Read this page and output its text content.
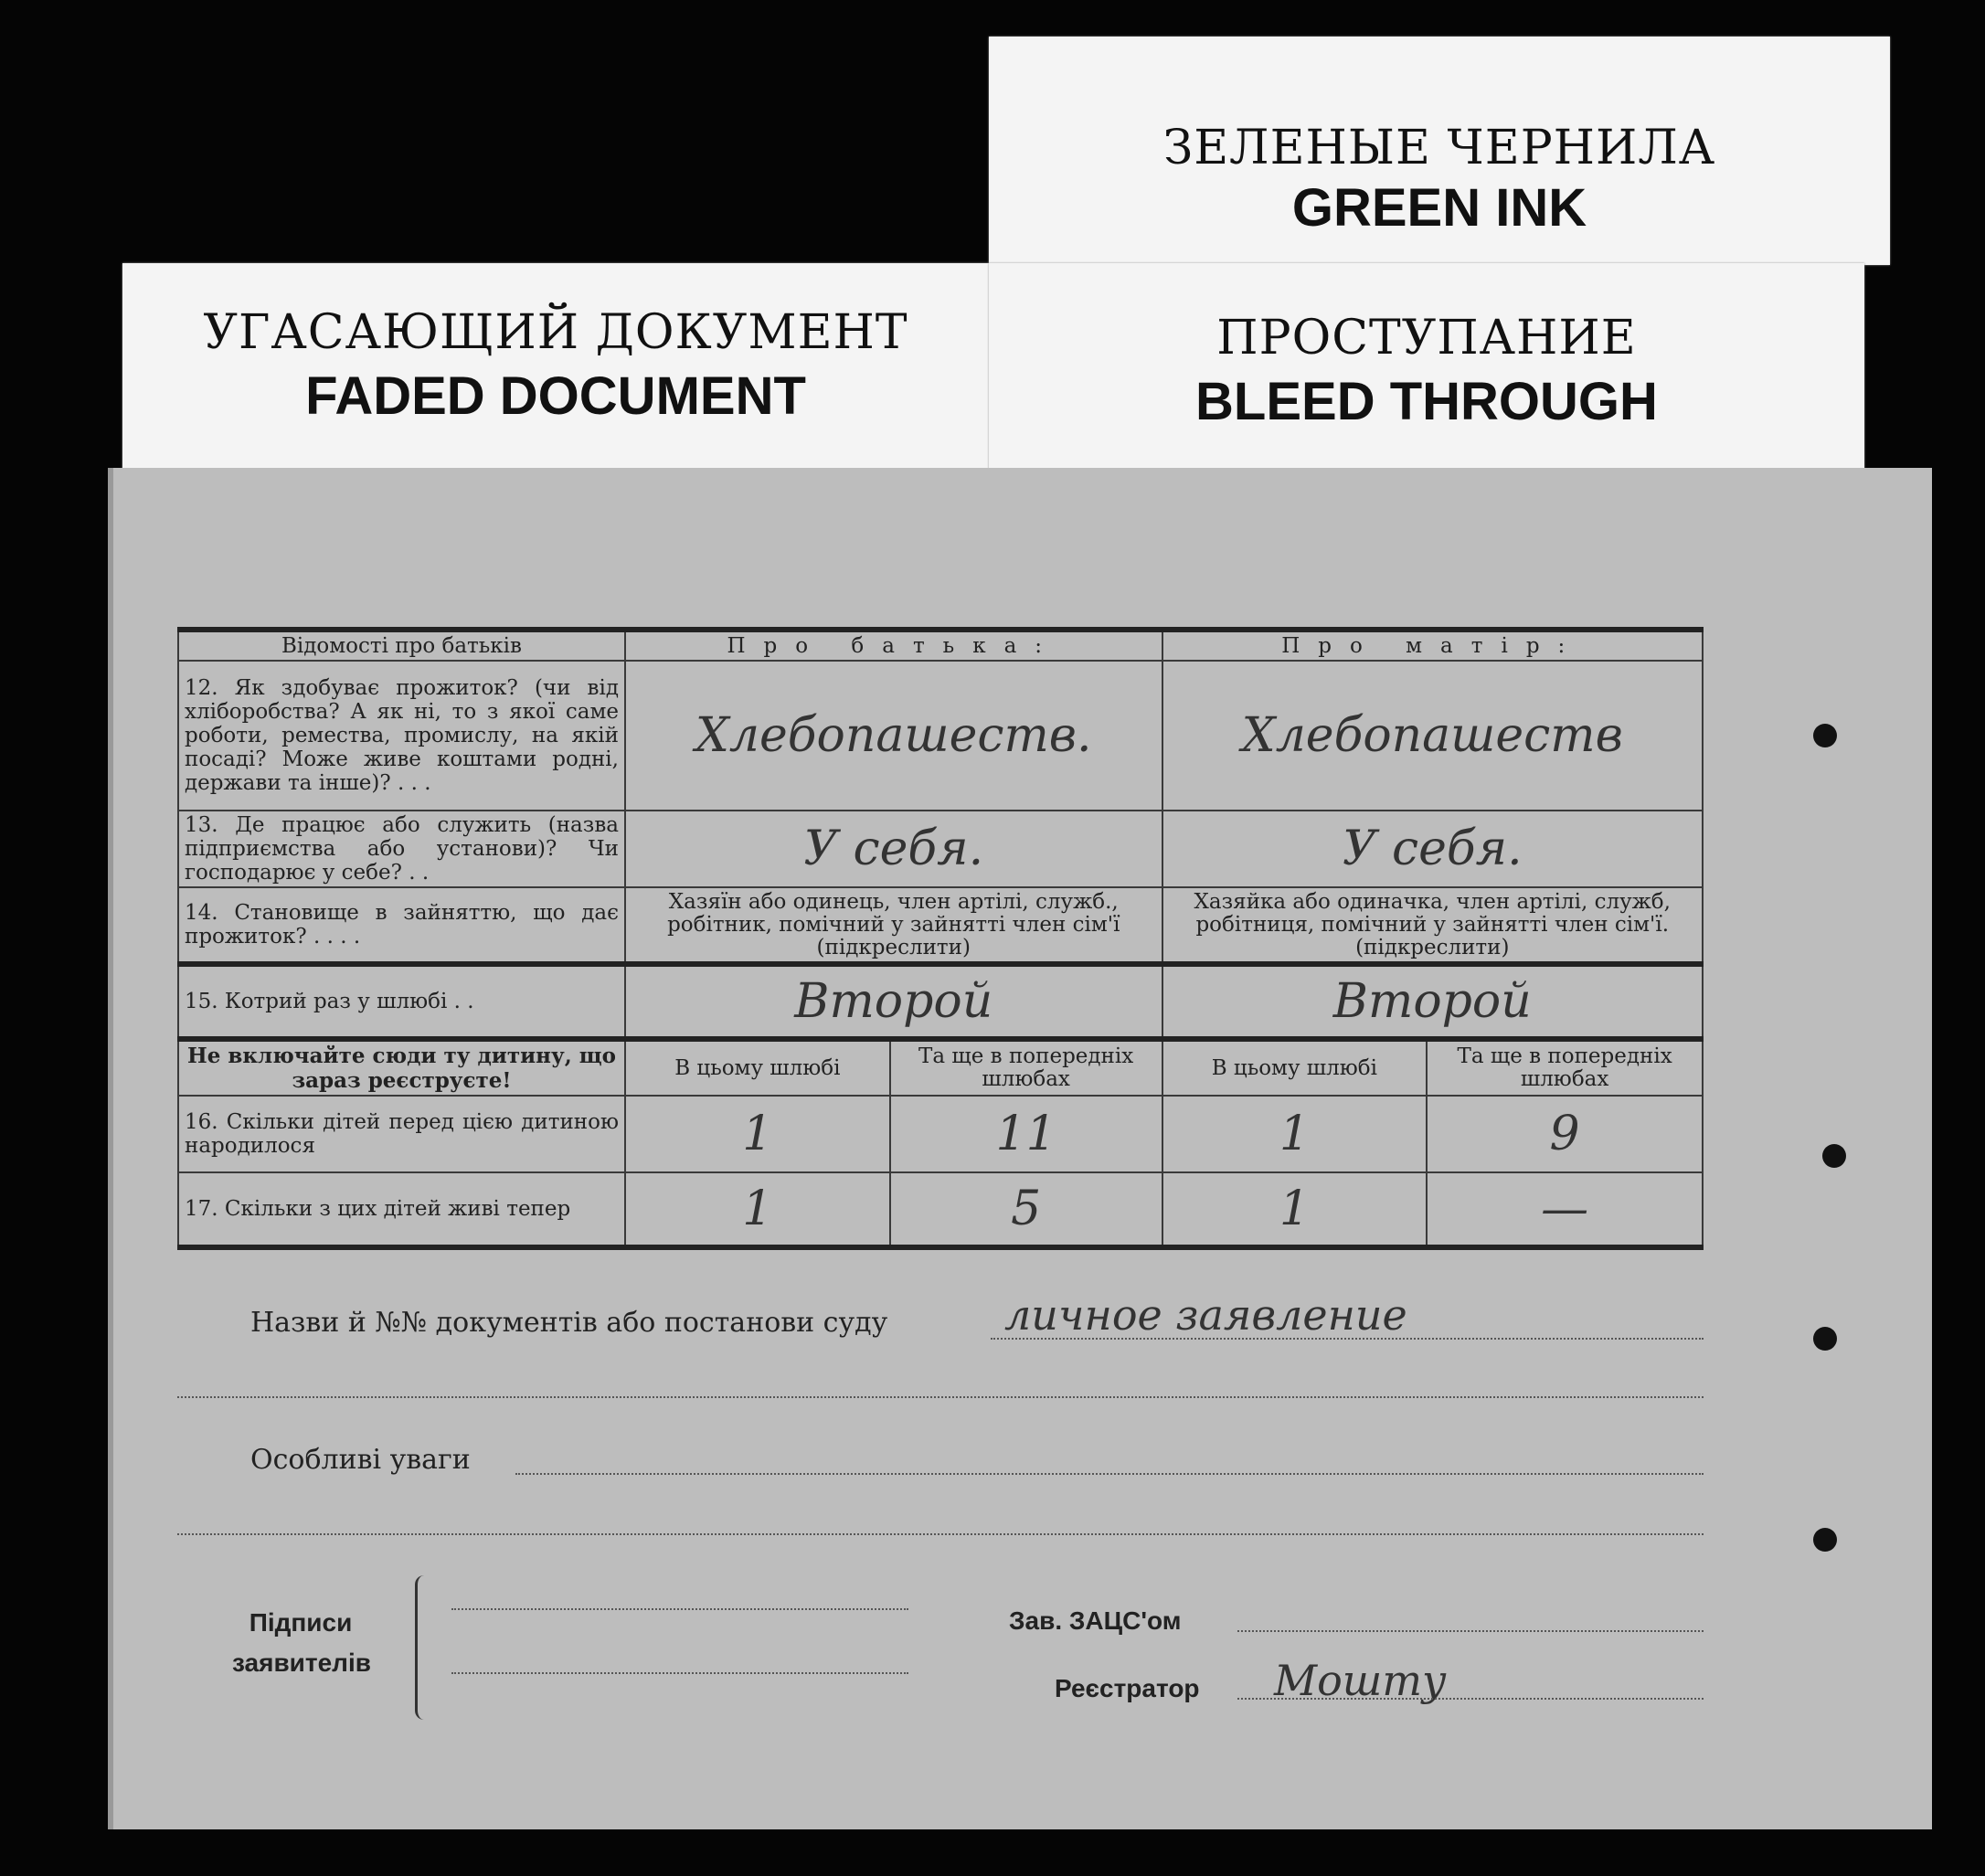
ЗЕЛЕНЫЕ ЧЕРНИЛА
GREEN INK
УГАСАЮЩИЙ ДОКУМЕНТ
FADED DOCUMENT
ПРОСТУПАНИЕ
BLEED THROUGH
Відомості про батьків	Про батька:		Про матір:	
12. Як здобуває прожиток? (чи від хліборобства? А як ні, то з якої саме роботи, ремества, промислу, на якій посаді? Може живе коштами родні, держави та інше)? . . .	Хлебопашеств.		Хлебопашеств	
13. Де працює або служить (назва підприємства або установи)? Чи господарює у себе? . .	У себя.		У себя.	
14. Становище в зайняттю, що дає прожиток? . . . .	Хазяїн або одинець, член артілі, служб., робітник, помічний у зайнятті член сім'ї (підкреслити)		Хазяйка або одиначка, член артілі, служб, робітниця, помічний у зайнятті член сім'ї. (підкреслити)	
15. Котрий раз у шлюбі . .	Второй		Второй	
Не включайте сюди ту дитину, що зараз реєструєте!	В цьому шлюбі	Та ще в попередніх шлюбах	В цьому шлюбі	Та ще в попередніх шлюбах
16. Скільки дітей перед цією дитиною народилося	1	11	1	9
17. Скільки з цих дітей живі тепер	1	5	1	—
Назви й №№ документів або постанови суду	личное заявление
Особливі уваги
Підписи заявителів
Зав. ЗАЦС'ом
Реєстратор Мошту
